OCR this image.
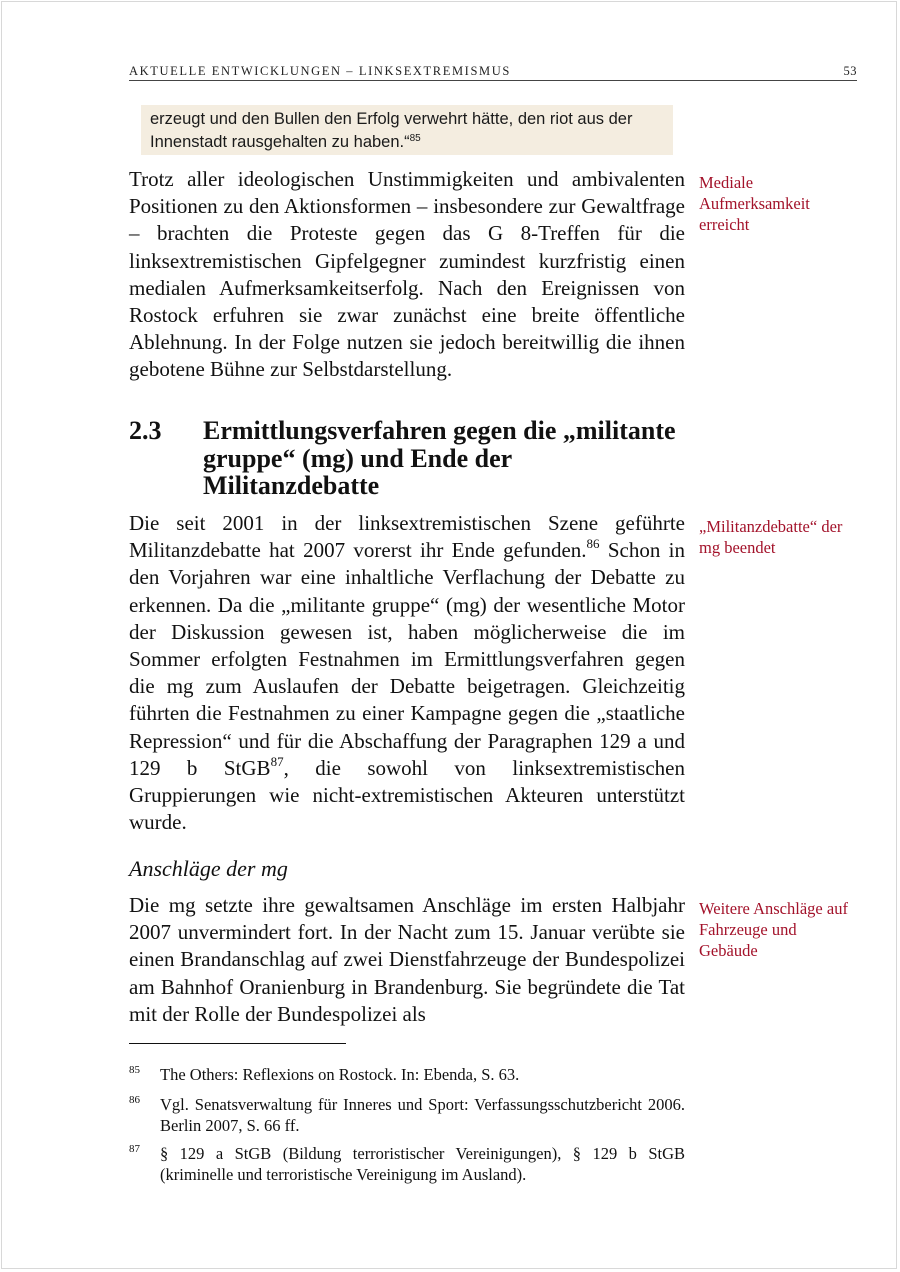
AKTUELLE ENTWICKLUNGEN – LINKSEXTREMISMUS	53
erzeugt und den Bullen den Erfolg verwehrt hätte, den riot aus der Innenstadt rausgehalten zu haben.“$^{85}$
Trotz aller ideologischen Unstimmigkeiten und ambivalenten Positionen zu den Aktionsformen – insbesondere zur Gewaltfrage – brachten die Proteste gegen das G 8-Treffen für die linksextremistischen Gipfelgegner zumindest kurzfristig einen medialen Aufmerksamkeitserfolg. Nach den Ereignissen von Rostock erfuhren sie zwar zunächst eine breite öffentliche Ablehnung. In der Folge nutzen sie jedoch bereitwillig die ihnen gebotene Bühne zur Selbstdarstellung.
Mediale Aufmerksamkeit erreicht
2.3 Ermittlungsverfahren gegen die „militante gruppe“ (mg) und Ende der Militanzdebatte
Die seit 2001 in der linksextremistischen Szene geführte Militanzdebatte hat 2007 vorerst ihr Ende gefunden.$^{86}$ Schon in den Vorjahren war eine inhaltliche Verflachung der Debatte zu erkennen. Da die „militante gruppe“ (mg) der wesentliche Motor der Diskussion gewesen ist, haben möglicherweise die im Sommer erfolgten Festnahmen im Ermittlungsverfahren gegen die mg zum Auslaufen der Debatte beigetragen. Gleichzeitig führten die Festnahmen zu einer Kampagne gegen die „staatliche Repression“ und für die Abschaffung der Paragraphen 129 a und 129 b StGB$^{87}$, die sowohl von linksextremistischen Gruppierungen wie nicht-extremistischen Akteuren unterstützt wurde.
„Militanzdebatte“ der mg beendet
Anschläge der mg
Die mg setzte ihre gewaltsamen Anschläge im ersten Halbjahr 2007 unvermindert fort. In der Nacht zum 15. Januar verübte sie einen Brandanschlag auf zwei Dienstfahrzeuge der Bundespolizei am Bahnhof Oranienburg in Brandenburg. Sie begründete die Tat mit der Rolle der Bundespolizei als
Weitere Anschläge auf Fahrzeuge und Gebäude
85 The Others: Reflexions on Rostock. In: Ebenda, S. 63.
86 Vgl. Senatsverwaltung für Inneres und Sport: Verfassungsschutzbericht 2006. Berlin 2007, S. 66 ff.
87 § 129 a StGB (Bildung terroristischer Vereinigungen), § 129 b StGB (kriminelle und terroristische Vereinigung im Ausland).
